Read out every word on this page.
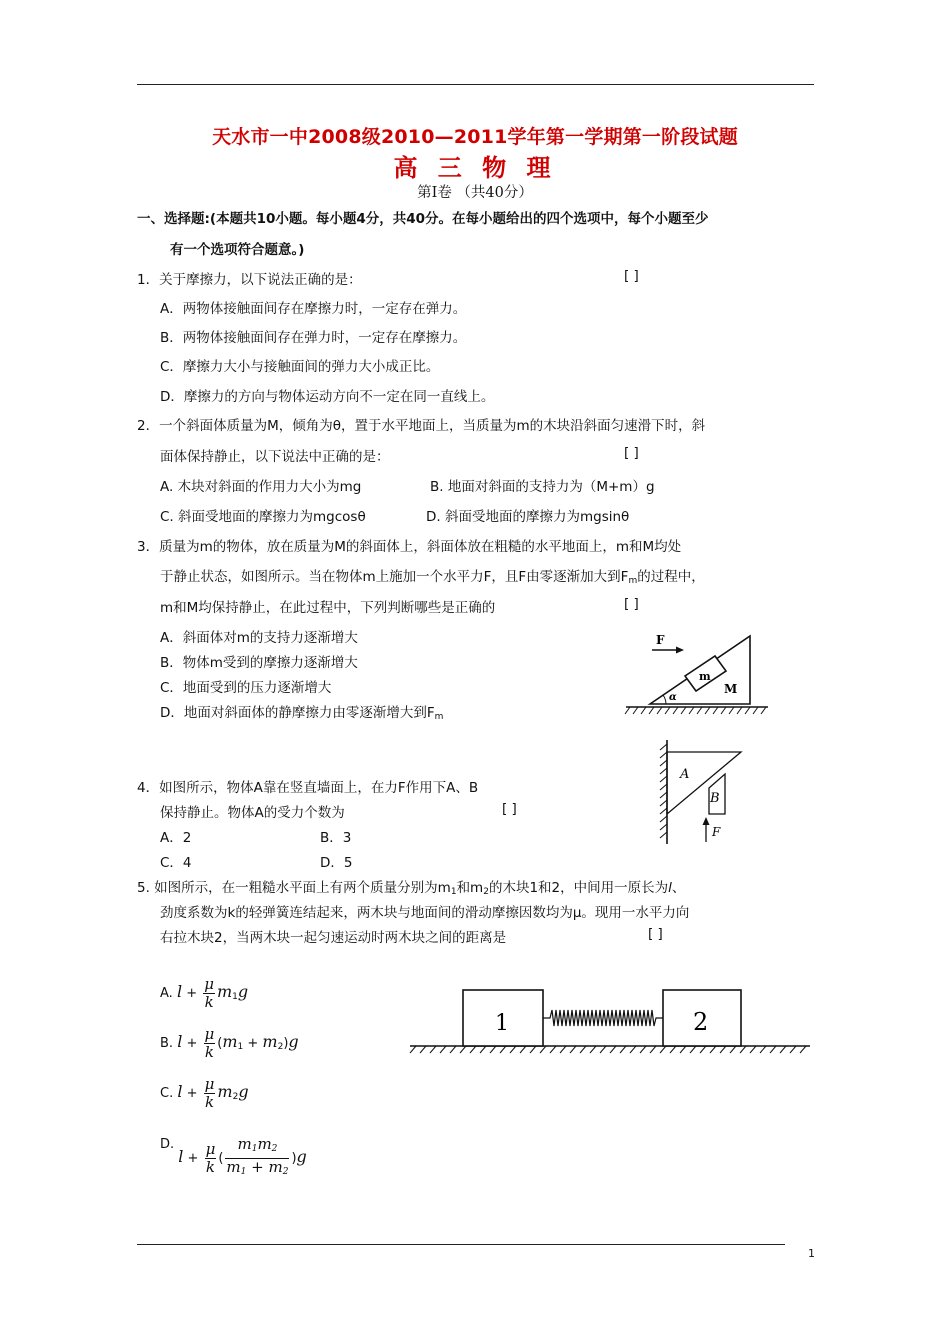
天水市一中2008级2010—2011学年第一学期第一阶段试题
高 三 物 理
第Ⅰ卷 （共40分）
一、选择题:(本题共10小题。每小题4分，共40分。在每小题给出的四个选项中，每个小题至少
有一个选项符合题意。)
1．关于摩擦力，以下说法正确的是：	[ ]
A．两物体接触面间存在摩擦力时，一定存在弹力。
B．两物体接触面间存在弹力时，一定存在摩擦力。
C．摩擦力大小与接触面间的弹力大小成正比。
D．摩擦力的方向与物体运动方向不一定在同一直线上。
2．一个斜面体质量为M，倾角为θ，置于水平地面上，当质量为m的木块沿斜面匀速滑下时，斜
面体保持静止，以下说法中正确的是：	[ ]
A. 木块对斜面的作用力大小为mg	B. 地面对斜面的支持力为（M+m）g
C. 斜面受地面的摩擦力为mgcosθ	D. 斜面受地面的摩擦力为mgsinθ
3．质量为m的物体，放在质量为M的斜面体上，斜面体放在粗糙的水平地面上，m和M均处
于静止状态，如图所示。当在物体m上施加一个水平力F，且F由零逐渐加大到$F_m$的过程中，
m和M均保持静止，在此过程中，下列判断哪些是正确的	[ ]
A．斜面体对m的支持力逐渐增大
B．物体m受到的摩擦力逐渐增大
C．地面受到的压力逐渐增大
D．地面对斜面体的静摩擦力由零逐渐增大到$F_m$
m
F
M
α
4．如图所示，物体A靠在竖直墙面上，在力F作用下A、B
保持静止。物体A的受力个数为	[ ]
A．2	B．3
C．4	D．5
A
B
F
5. 如图所示，在一粗糙水平面上有两个质量分别为$m_1$和$m_2$的木块1和2，中间用一原长为l、
劲度系数为k的轻弹簧连结起来，两木块与地面间的滑动摩擦因数均为μ。现用一水平力向
右拉木块2，当两木块一起匀速运动时两木块之间的距离是	[ ]
A. $l + \frac{\mu}{k} m_1g$
B. $l + \frac{\mu}{k} (m_1 + m_2)g$
C. $l + \frac{\mu}{k} m_2g$
D. $l + \frac{\mu}{k}$ ( $\frac{m_1m_2}{m_1 + m_2} )g$
1	2
1
